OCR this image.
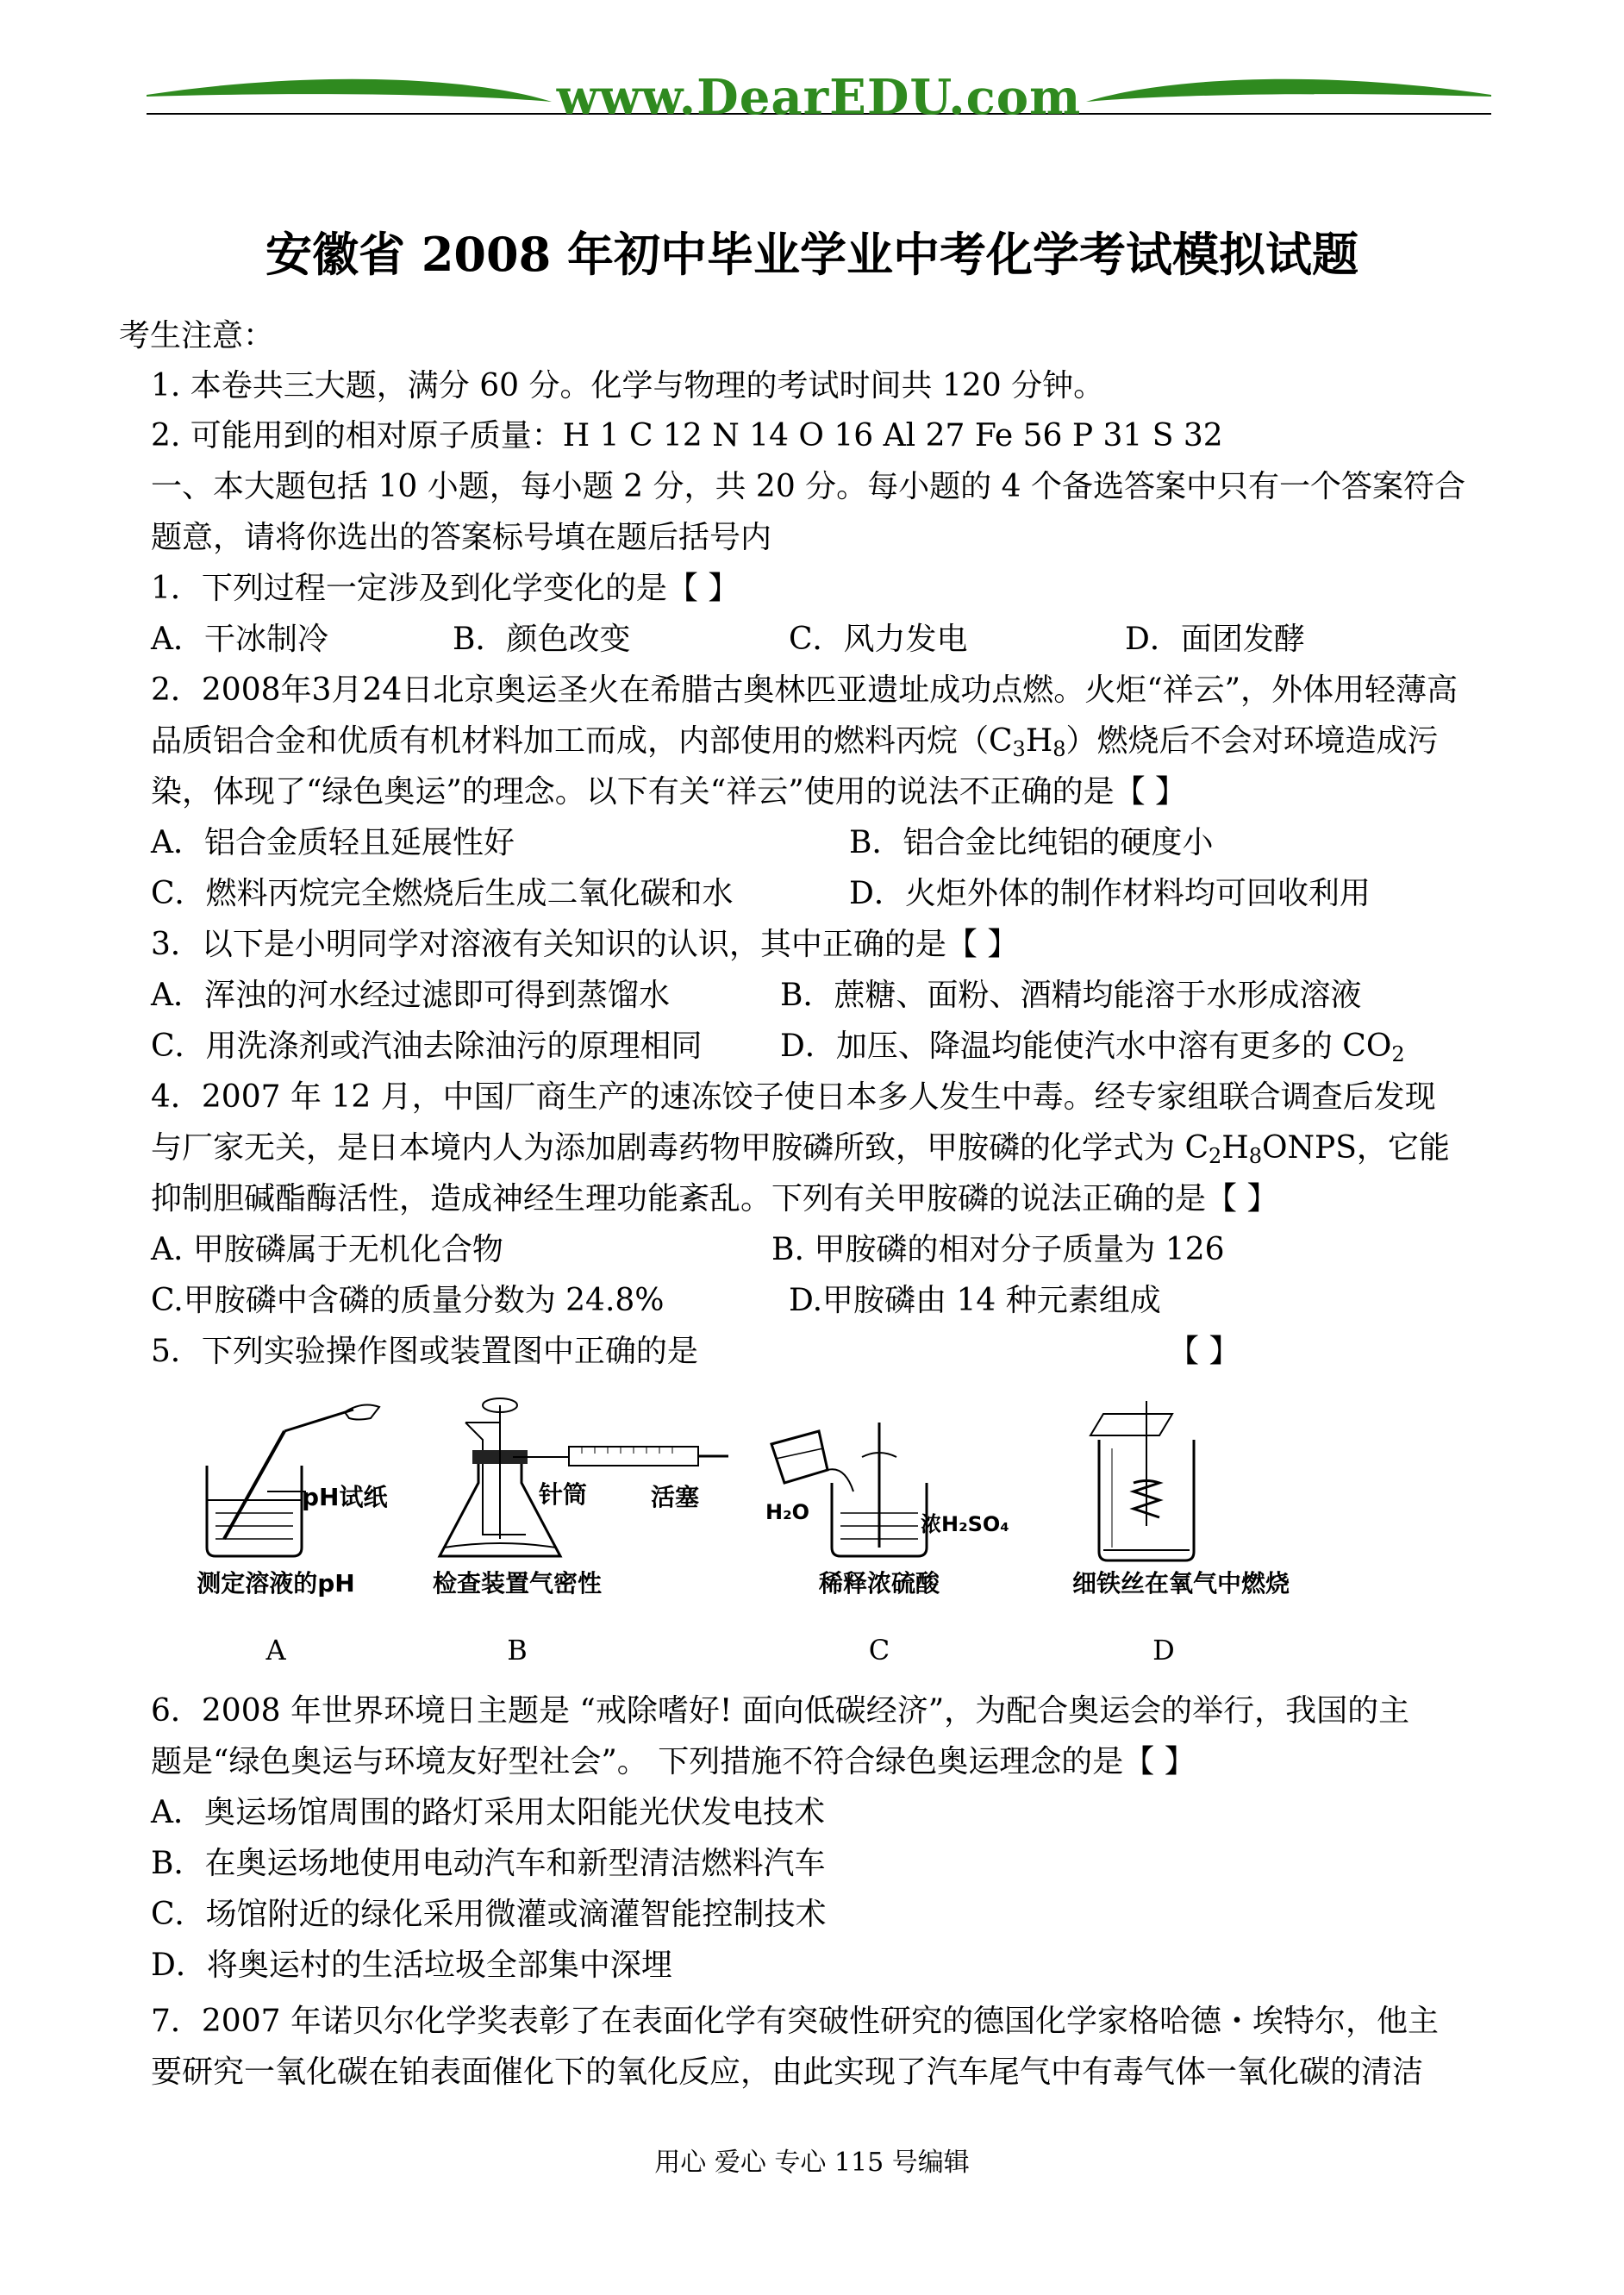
www.DearEDU.com
安徽省 2008 年初中毕业学业中考化学考试模拟试题
考生注意：
1. 本卷共三大题，满分 60 分。化学与物理的考试时间共 120 分钟。
2. 可能用到的相对原子质量：H 1 C 12 N 14 O 16 Al 27 Fe 56 P 31 S 32
一、本大题包括 10 小题，每小题 2 分，共 20 分。每小题的 4 个备选答案中只有一个答案符合
题意，请将你选出的答案标号填在题后括号内
1．下列过程一定涉及到化学变化的是【 】
A．干冰制冷	B．颜色改变	C．风力发电	D．面团发酵
2．2008年3月24日北京奥运圣火在希腊古奥林匹亚遗址成功点燃。火炬“祥云”，外体用轻薄高
品质铝合金和优质有机材料加工而成，内部使用的燃料丙烷$(C_3H_8)$燃烧后不会对环境造成污
染，体现了“绿色奥运”的理念。以下有关“祥云”使用的说法不正确的是【 】
A．铝合金质轻且延展性好	B．铝合金比纯铝的硬度小
C．燃料丙烷完全燃烧后生成二氧化碳和水	D．火炬外体的制作材料均可回收利用
3．以下是小明同学对溶液有关知识的认识，其中正确的是【 】
A．浑浊的河水经过滤即可得到蒸馏水	B．蔗糖、面粉、酒精均能溶于水形成溶液
C．用洗涤剂或汽油去除油污的原理相同	D．加压、降温均能使汽水中溶有更多的 $CO_2$
4．2007 年 12 月，中国厂商生产的速冻饺子使日本多人发生中毒。经专家组联合调查后发现
与厂家无关，是日本境内人为添加剧毒药物甲胺磷所致，甲胺磷的化学式为 $C_2H_8ONPS$，它能
抑制胆碱酯酶活性，造成神经生理功能紊乱。下列有关甲胺磷的说法正确的是【 】
A. 甲胺磷属于无机化合物	B. 甲胺磷的相对分子质量为 126
C.甲胺磷中含磷的质量分数为 24.8%	D.甲胺磷由 14 种元素组成
5．下列实验操作图或装置图中正确的是	【 】
pH试纸
测定溶液的pH
A
针筒	活塞
检查装置气密性
B
H₂O	浓H₂SO₄
稀释浓硫酸
C
细铁丝在氧气中燃烧
D
6．2008 年世界环境日主题是 “戒除嗜好! 面向低碳经济”，为配合奥运会的举行，我国的主
题是“绿色奥运与环境友好型社会”。 下列措施不符合绿色奥运理念的是【 】
A．奥运场馆周围的路灯采用太阳能光伏发电技术
B．在奥运场地使用电动汽车和新型清洁燃料汽车
C．场馆附近的绿化采用微灌或滴灌智能控制技术
D．将奥运村的生活垃圾全部集中深埋
7．2007 年诺贝尔化学奖表彰了在表面化学有突破性研究的德国化学家格哈德・埃特尔，他主
要研究一氧化碳在铂表面催化下的氧化反应，由此实现了汽车尾气中有毒气体一氧化碳的清洁
用心 爱心 专心 115 号编辑
